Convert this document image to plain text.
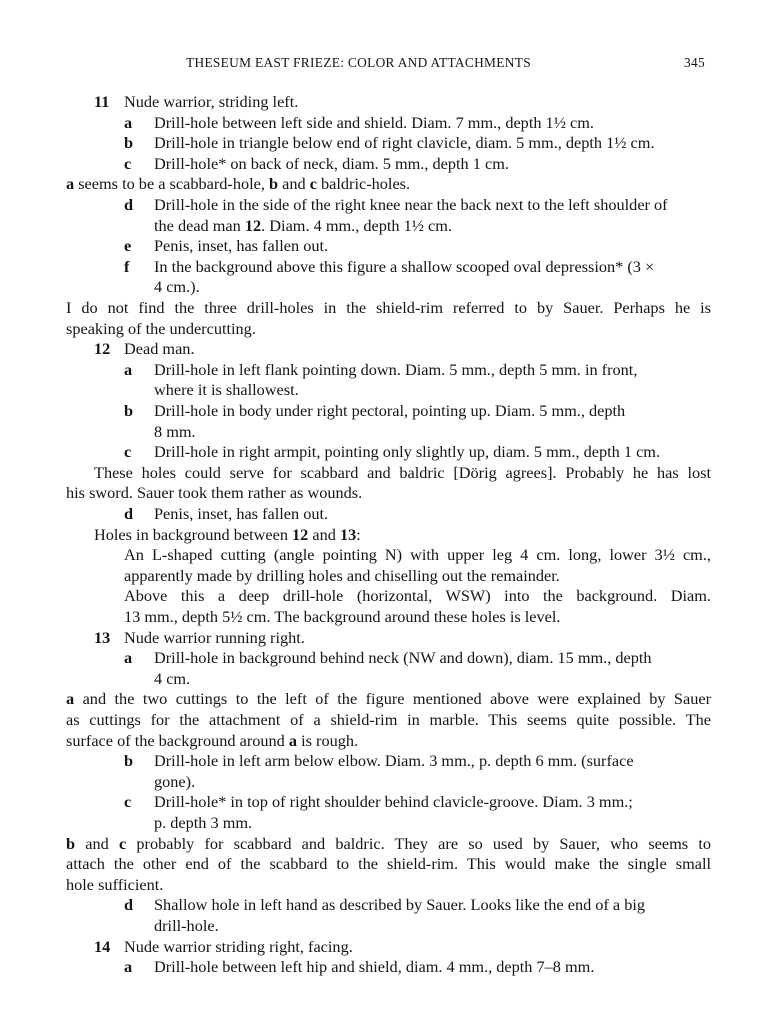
THESEUM EAST FRIEZE: COLOR AND ATTACHMENTS	345
11 Nude warrior, striding left.
a Drill-hole between left side and shield. Diam. 7 mm., depth 1½ cm.
b Drill-hole in triangle below end of right clavicle, diam. 5 mm., depth 1½ cm.
c Drill-hole* on back of neck, diam. 5 mm., depth 1 cm.
a seems to be a scabbard-hole, b and c baldric-holes.
d Drill-hole in the side of the right knee near the back next to the left shoulder of
the dead man 12. Diam. 4 mm., depth 1½ cm.
e Penis, inset, has fallen out.
f In the background above this figure a shallow scooped oval depression* (3 ×
4 cm.).
I do not find the three drill-holes in the shield-rim referred to by Sauer. Perhaps he is
speaking of the undercutting.
12 Dead man.
a Drill-hole in left flank pointing down. Diam. 5 mm., depth 5 mm. in front,
where it is shallowest.
b Drill-hole in body under right pectoral, pointing up. Diam. 5 mm., depth
8 mm.
c Drill-hole in right armpit, pointing only slightly up, diam. 5 mm., depth 1 cm.
These holes could serve for scabbard and baldric [Dörig agrees]. Probably he has lost
his sword. Sauer took them rather as wounds.
d Penis, inset, has fallen out.
Holes in background between 12 and 13:
An L-shaped cutting (angle pointing N) with upper leg 4 cm. long, lower 3½ cm.,
apparently made by drilling holes and chiselling out the remainder.
Above this a deep drill-hole (horizontal, WSW) into the background. Diam.
13 mm., depth 5½ cm. The background around these holes is level.
13 Nude warrior running right.
a Drill-hole in background behind neck (NW and down), diam. 15 mm., depth
4 cm.
a and the two cuttings to the left of the figure mentioned above were explained by Sauer
as cuttings for the attachment of a shield-rim in marble. This seems quite possible. The
surface of the background around a is rough.
b Drill-hole in left arm below elbow. Diam. 3 mm., p. depth 6 mm. (surface
gone).
c Drill-hole* in top of right shoulder behind clavicle-groove. Diam. 3 mm.;
p. depth 3 mm.
b and c probably for scabbard and baldric. They are so used by Sauer, who seems to
attach the other end of the scabbard to the shield-rim. This would make the single small
hole sufficient.
d Shallow hole in left hand as described by Sauer. Looks like the end of a big
drill-hole.
14 Nude warrior striding right, facing.
a Drill-hole between left hip and shield, diam. 4 mm., depth 7–8 mm.
